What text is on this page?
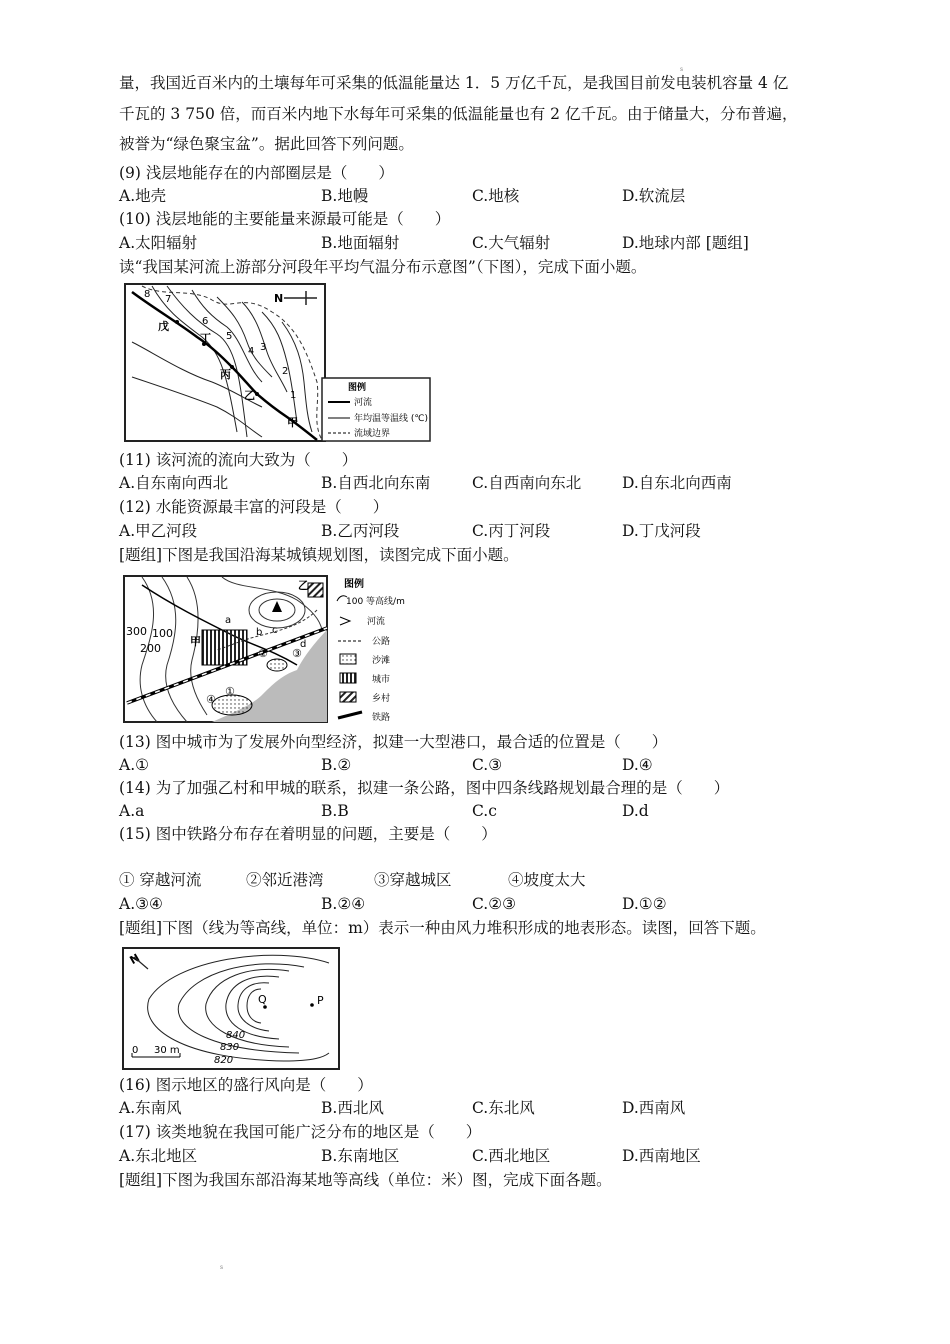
s
s
量，我国近百米内的土壤每年可采集的低温能量达 1．5 万亿千瓦，是我国目前发电装机容量 4 亿
千瓦的 3 750 倍，而百米内地下水每年可采集的低温能量也有 2 亿千瓦。由于储量大，分布普遍，
被誉为“绿色聚宝盆”。据此回答下列问题。
(9) 浅层地能存在的内部圈层是（　　）
A.地壳	B.地幔	C.地核	D.软流层
(10) 浅层地能的主要能量来源最可能是（　　）
A.太阳辐射	B.地面辐射	C.大气辐射	D.地球内部 [题组]
读“我国某河流上游部分河段年平均气温分布示意图”（下图），完成下面小题。
N
8 7
6
5
4 3
2
1
戊
丁
丙
乙
甲
图例
河流
年均温等温线 (℃)
流域边界
(11) 该河流的流向大致为（　　）
A.自东南向西北	B.自西北向东南	C.自西南向东北	D.自东北向西南
(12) 水能资源最丰富的河段是（　　）
A.甲乙河段	B.乙丙河段	C.丙丁河段	D.丁戊河段
[题组]下图是我国沿海某城镇规划图，读图完成下面小题。
300 100
200
甲
乙
a
b c
d
①
② ③
④
图例
100 等高线/m
河流
公路
沙滩
城市
乡村
铁路
(13) 图中城市为了发展外向型经济，拟建一大型港口，最合适的位置是（　　）
A.①	B.②	C.③	D.④
(14) 为了加强乙村和甲城的联系，拟建一条公路，图中四条线路规划最合理的是（　　）
A.a	B.B	C.c	D.d
(15) 图中铁路分布存在着明显的问题，主要是（　　）
① 穿越河流	②邻近港湾	③穿越城区	④坡度太大
A.③④	B.②④	C.②③	D.①②
[题组]下图（线为等高线，单位：m）表示一种由风力堆积形成的地表形态。读图，回答下题。
N
Q	P
840
830
820
0 30 m
(16) 图示地区的盛行风向是（　　）
A.东南风	B.西北风	C.东北风	D.西南风
(17) 该类地貌在我国可能广泛分布的地区是（　　）
A.东北地区	B.东南地区	C.西北地区	D.西南地区
[题组]下图为我国东部沿海某地等高线（单位：米）图，完成下面各题。
